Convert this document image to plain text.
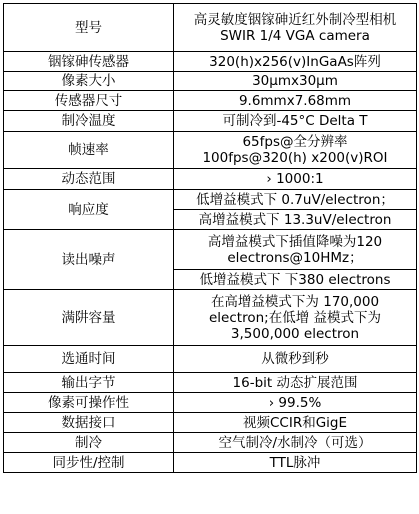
型号	高灵敏度铟镓砷近红外制冷型相机
SWIR 1/4 VGA camera

铟镓砷传感器	320(h)x256(v)InGaAs阵列
像素大小	30μmx30μm
传感器尺寸	9.6mmx7.68mm
制冷温度	可制冷到-45°C Delta T
帧速率	65fps@全分辨率
100fps@320(h) x200(v)ROI

动态范围	› 1000:1
响应度	低增益模式下 0.7uV/electron；
	高增益模式下 13.3uV/electron
读出噪声	高增益模式下插值降噪为120
electrons@10HMz；

	低增益模式下 下380 electrons
满阱容量	在高增益模式下为 170,000
electron;在低增 益模式下为
3,500,000 electron

选通时间	从微秒到秒
输出字节	16-bit 动态扩展范围
像素可操作性	› 99.5%
数据接口	视频CCIR和GigE
制冷	空气制冷/水制冷（可选）
同步性/控制	TTL脉冲
